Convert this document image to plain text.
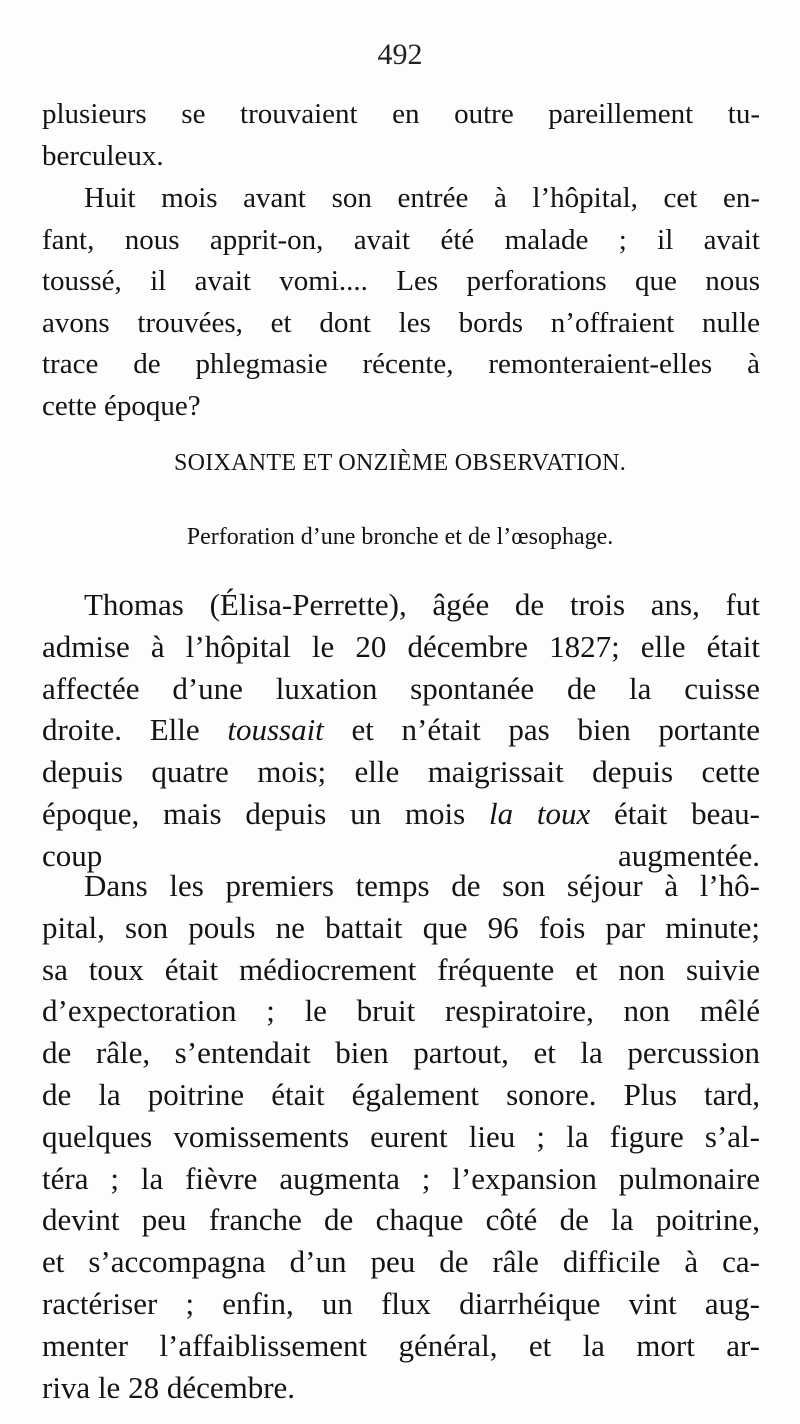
492
plusieurs se trouvaient en outre pareillement tu-
berculeux.
Huit mois avant son entrée à l’hôpital, cet en-
fant, nous apprit-on, avait été malade ; il avait
toussé, il avait vomi.... Les perforations que nous
avons trouvées, et dont les bords n’offraient nulle
trace de phlegmasie récente, remonteraient-elles à
cette époque?
SOIXANTE ET ONZIÈME OBSERVATION.
Perforation d’une bronche et de l’œsophage.
Thomas (Élisa-Perrette), âgée de trois ans, fut
admise à l’hôpital le 20 décembre 1827; elle était
affectée d’une luxation spontanée de la cuisse
droite. Elle toussait et n’était pas bien portante
depuis quatre mois; elle maigrissait depuis cette
époque, mais depuis un mois la toux était beau-
coup augmentée.
Dans les premiers temps de son séjour à l’hô-
pital, son pouls ne battait que 96 fois par minute;
sa toux était médiocrement fréquente et non suivie
d’expectoration ; le bruit respiratoire, non mêlé
de râle, s’entendait bien partout, et la percussion
de la poitrine était également sonore. Plus tard,
quelques vomissements eurent lieu ; la figure s’al-
téra ; la fièvre augmenta ; l’expansion pulmonaire
devint peu franche de chaque côté de la poitrine,
et s’accompagna d’un peu de râle difficile à ca-
ractériser ; enfin, un flux diarrhéique vint aug-
menter l’affaiblissement général, et la mort ar-
riva le 28 décembre.
